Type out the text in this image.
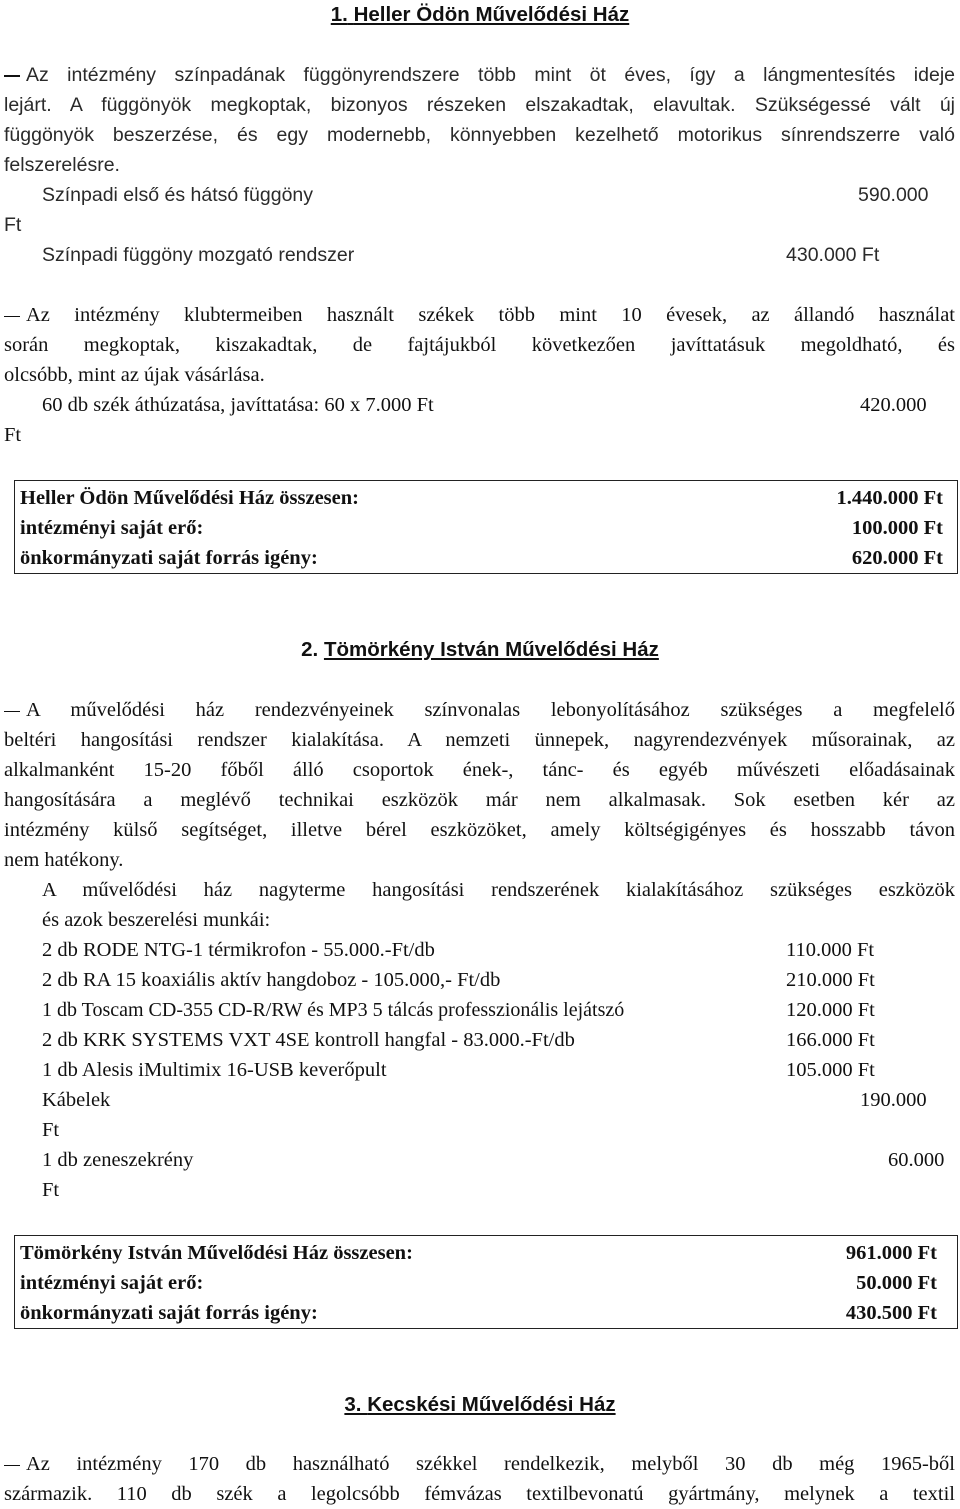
1. Heller Ödön Művelődési Ház
Az intézmény színpadának függönyrendszere több mint öt éves, így a lángmentesítés ideje
lejárt. A függönyök megkoptak, bizonyos részeken elszakadtak, elavultak. Szükségessé vált új
függönyök beszerzése, és egy modernebb, könnyebben kezelhető motorikus sínrendszerre való
felszerelésre.
Színpadi első és hátsó függöny	590.000
Ft
Színpadi függöny mozgató rendszer	430.000 Ft
Az intézmény klubtermeiben használt székek több mint 10 évesek, az állandó használat
során megkoptak, kiszakadtak, de fajtájukból következően javíttatásuk megoldható, és
olcsóbb, mint az újak vásárlása.
60 db szék áthúzatása, javíttatása: 60 x 7.000 Ft	420.000
Ft
Heller Ödön Művelődési Ház összesen:	1.440.000 Ft
intézményi saját erő:	100.000 Ft
önkormányzati saját forrás igény:	620.000 Ft
2. Tömörkény István Művelődési Ház
A művelődési ház rendezvényeinek színvonalas lebonyolításához szükséges a megfelelő
beltéri hangosítási rendszer kialakítása. A nemzeti ünnepek, nagyrendezvények műsorainak, az
alkalmanként 15-20 főből álló csoportok ének-, tánc- és egyéb művészeti előadásainak
hangosítására a meglévő technikai eszközök már nem alkalmasak. Sok esetben kér az
intézmény külső segítséget, illetve bérel eszközöket, amely költségigényes és hosszabb távon
nem hatékony.
A művelődési ház nagyterme hangosítási rendszerének kialakításához szükséges eszközök
és azok beszerelési munkái:
2 db RODE NTG-1 térmikrofon - 55.000.-Ft/db	110.000 Ft
2 db RA 15 koaxiális aktív hangdoboz - 105.000,- Ft/db	210.000 Ft
1 db Toscam CD-355 CD-R/RW és MP3 5 tálcás professzionális lejátszó	120.000 Ft
2 db KRK SYSTEMS VXT 4SE kontroll hangfal - 83.000.-Ft/db	166.000 Ft
1 db Alesis iMultimix 16-USB keverőpult	105.000 Ft
Kábelek	190.000
Ft
1 db zeneszekrény	60.000
Ft
Tömörkény István Művelődési Ház összesen:	961.000 Ft
intézményi saját erő:	50.000 Ft
önkormányzati saját forrás igény:	430.500 Ft
3. Kecskési Művelődési Ház
Az intézmény 170 db használható székkel rendelkezik, melyből 30 db még 1965-ből
származik. 110 db szék a legolcsóbb fémvázas textilbevonatú gyártmány, melynek a textil
